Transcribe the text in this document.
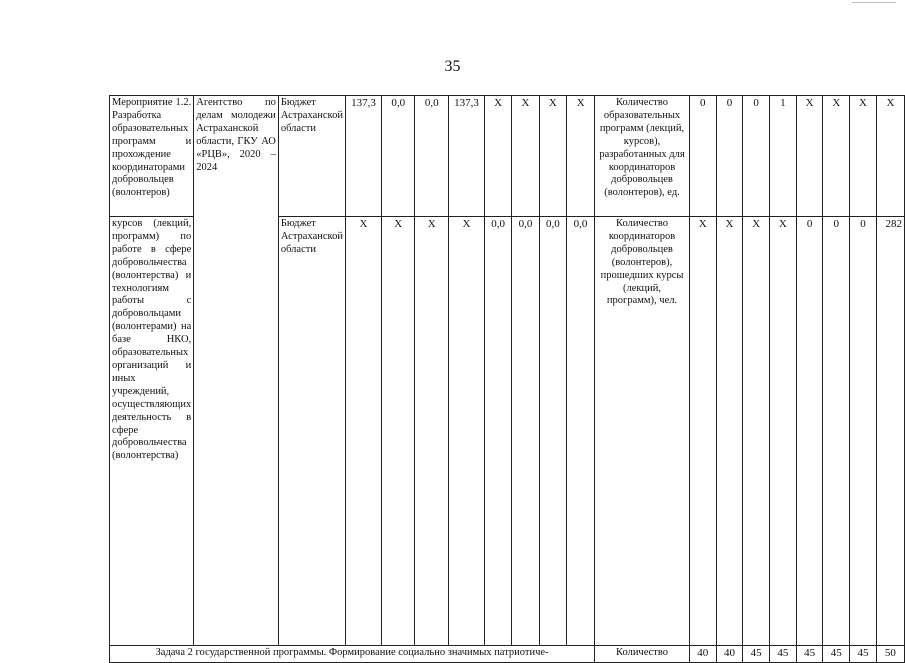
35
Мероприятие 1.2. Разработка образовательных программ и прохождение координаторами добровольцев (волонтеров)	Агентство по делам молодежи Астраханской области, ГКУ АО «РЦВ», 2020 – 2024	Бюджет Астраханской области	137,3	0,0	0,0	137,3	X	X	X	X	Количество образовательных программ (лекций, курсов), разработанных для координаторов добровольцев (волонтеров), ед.	0	0	0	1	X	X	X	X
курсов (лекций, программ) по работе в сфере добровольчества (волонтерства) и технологиям работы с добровольцами (волонтерами) на базе НКО, образовательных организаций и иных учреждений, осуществляющих деятельность в сфере добровольчества (волонтерства)		Бюджет Астраханской области	X	X	X	X	0,0	0,0	0,0	0,0	Количество координаторов добровольцев (волонтеров), прошедших курсы (лекций, программ), чел.	X	X	X	X	0	0	0	282
Задача 2 государственной программы. Формирование социально значимых патриотиче-											Количество	40	40	45	45	45	45	45	50
